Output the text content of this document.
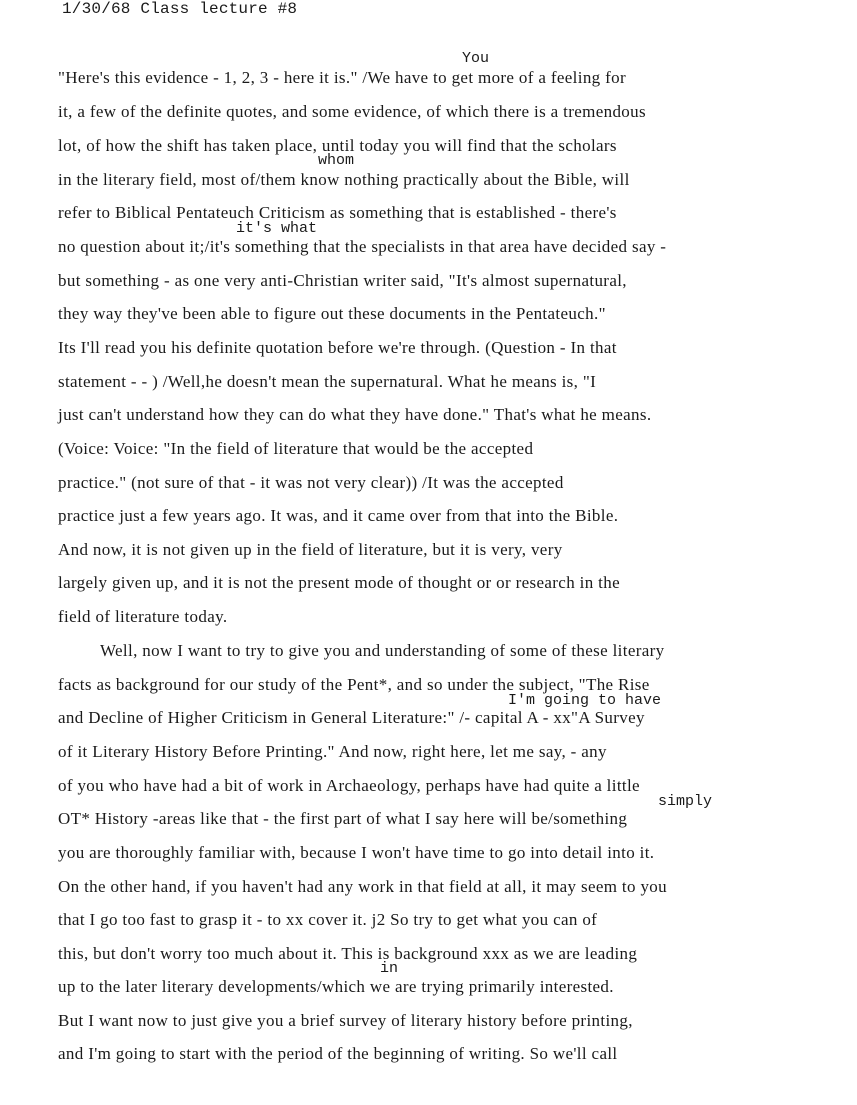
1/30/68 Class lecture #8
You
whom
it's what
I'm going to have
simply
in
"Here's this evidence - 1, 2, 3 - here it is." /We have to get more of a feeling for
it, a few of the definite quotes, and some evidence, of which there is a tremendous
lot, of how the shift has taken place, until today you will find that the scholars
in the literary field, most of/them know nothing practically about the Bible, will
refer to Biblical Pentateuch Criticism as something that is established - there's
no question about it;/it's something that the specialists in that area have decided say -
but something - as one very anti-Christian writer said, "It's almost supernatural,
they way they've been able to figure out these documents in the Pentateuch."
Its I'll read you his definite quotation before we're through. (Question - In that
statement - - ) /Well,he doesn't mean the supernatural. What he means is, "I
just can't understand how they can do what they have done." That's what he means.
(Voice: Voice: "In the field of literature that would be the accepted
practice." (not sure of that - it was not very clear)) /It was the accepted
practice just a few years ago. It was, and it came over from that into the Bible.
And now, it is not given up in the field of literature, but it is very, very
largely given up, and it is not the present mode of thought or or research in the
field of literature today.
Well, now I want to try to give you and understanding of some of these literary
facts as background for our study of the Pent*, and so under the subject, "The Rise
and Decline of Higher Criticism in General Literature:" /- capital A - xx"A Survey
of it Literary History Before Printing." And now, right here, let me say, - any
of you who have had a bit of work in Archaeology, perhaps have had quite a little
OT* History -areas like that - the first part of what I say here will be/something
you are thoroughly familiar with, because I won't have time to go into detail into it.
On the other hand, if you haven't had any work in that field at all, it may seem to you
that I go too fast to grasp it - to xx cover it. j2 So try to get what you can of
this, but don't worry too much about it. This is background xxx as we are leading
up to the later literary developments/which we are trying primarily interested.
But I want now to just give you a brief survey of literary history before printing,
and I'm going to start with the period of the beginning of writing. So we'll call
